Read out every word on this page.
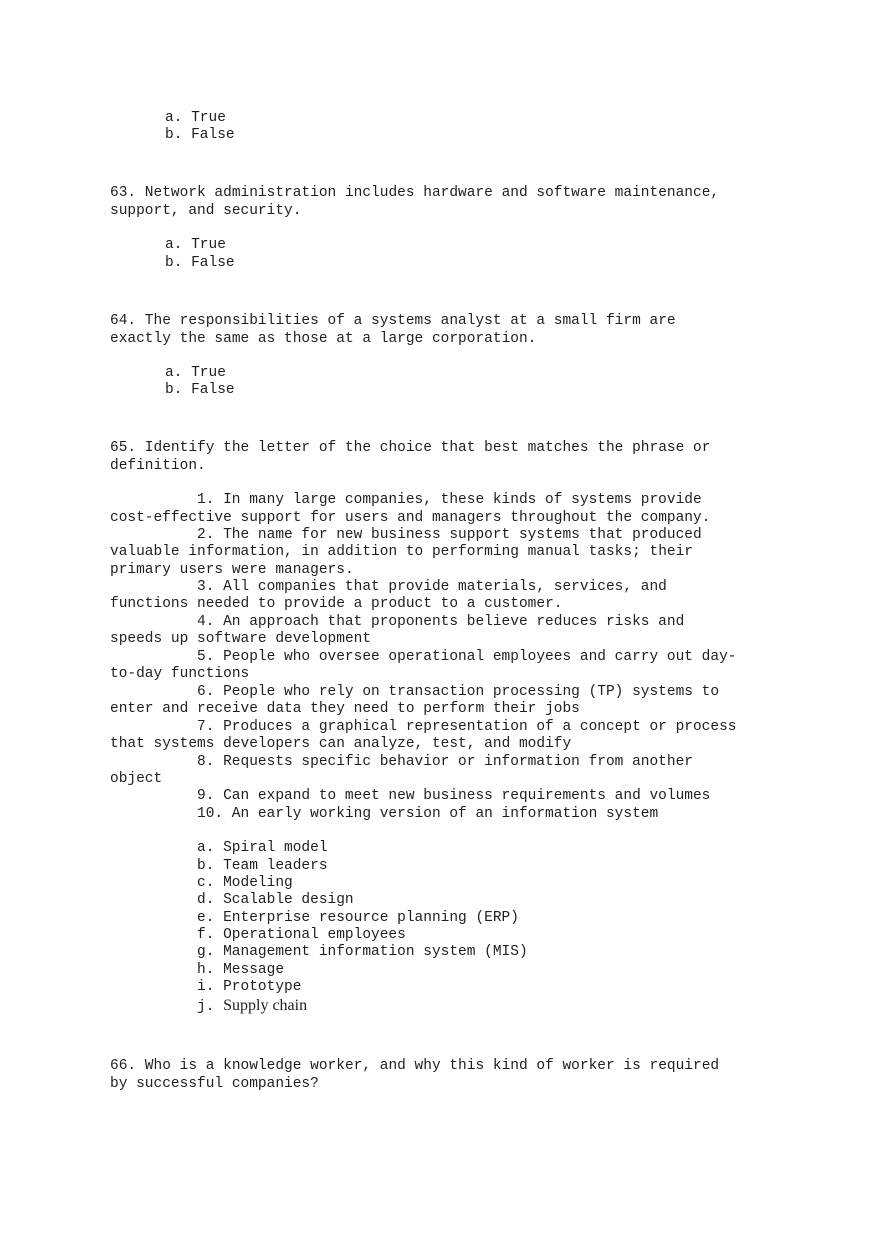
a. True

b. False

63. Network administration includes hardware and software maintenance,

support, and security.

a. True

b. False

64. The responsibilities of a systems analyst at a small firm are

exactly the same as those at a large corporation.

a. True

b. False

65. Identify the letter of the choice that best matches the phrase or

definition.

1. In many large companies, these kinds of systems provide

cost-effective support for users and managers throughout the company.

2. The name for new business support systems that produced

valuable information, in addition to performing manual tasks; their

primary users were managers.

3. All companies that provide materials, services, and

functions needed to provide a product to a customer.

4. An approach that proponents believe reduces risks and

speeds up software development

5. People who oversee operational employees and carry out day-

to-day functions

6. People who rely on transaction processing (TP) systems to

enter and receive data they need to perform their jobs

7. Produces a graphical representation of a concept or process

that systems developers can analyze, test, and modify

8. Requests specific behavior or information from another

object

9. Can expand to meet new business requirements and volumes

10. An early working version of an information system

a. Spiral model

b. Team leaders

c. Modeling

d. Scalable design

e. Enterprise resource planning (ERP)

f. Operational employees

g. Management information system (MIS)

h. Message

i. Prototype

j. Supply chain

66. Who is a knowledge worker, and why this kind of worker is required

by successful companies?
